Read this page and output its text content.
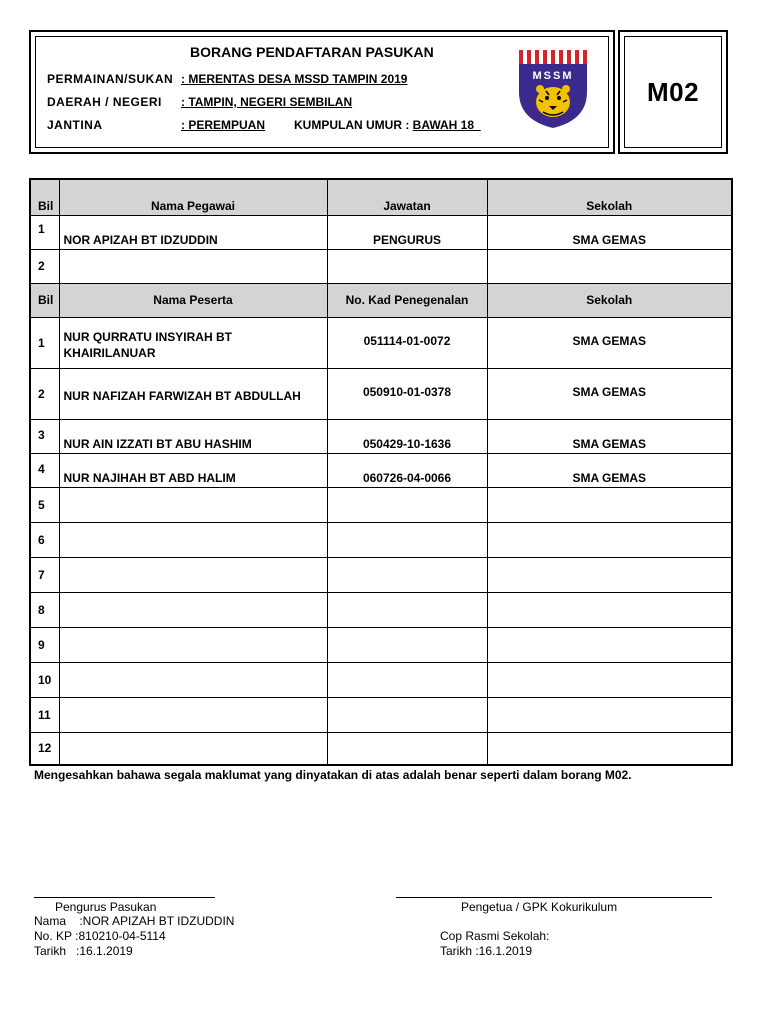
M02
BORANG PENDAFTARAN PASUKAN
PERMAINAN/SUKAN : MERENTAS DESA MSSD TAMPIN 2019
DAERAH / NEGERI : TAMPIN, NEGERI SEMBILAN
JANTINA	: PEREMPUAN KUMPULAN UMUR : BAWAH 18_
MSSM
Bil	Nama Pegawai	Jawatan	Sekolah
1	NOR APIZAH BT IDZUDDIN	PENGURUS	SMA GEMAS
2			
Bil	Nama Peserta	No. Kad Penegenalan	Sekolah
1	NUR QURRATU INSYIRAH BT KHAIRILANUAR	051114-01-0072	SMA GEMAS
2	NUR NAFIZAH FARWIZAH BT ABDULLAH	050910-01-0378	SMA GEMAS
3	NUR AIN IZZATI BT ABU HASHIM	050429-10-1636	SMA GEMAS
4	NUR NAJIHAH BT ABD HALIM	060726-04-0066	SMA GEMAS
5			
6			
7			
8			
9			
10			
11			
12			
Mengesahkan bahawa segala maklumat yang dinyatakan di atas adalah benar seperti dalam borang M02.
Pengurus Pasukan
Nama    :NOR APIZAH BT IDZUDDIN
No. KP :810210-04-5114
Tarikh   :16.1.2019
Pengetua / GPK Kokurikulum
Cop Rasmi Sekolah:
Tarikh :16.1.2019
